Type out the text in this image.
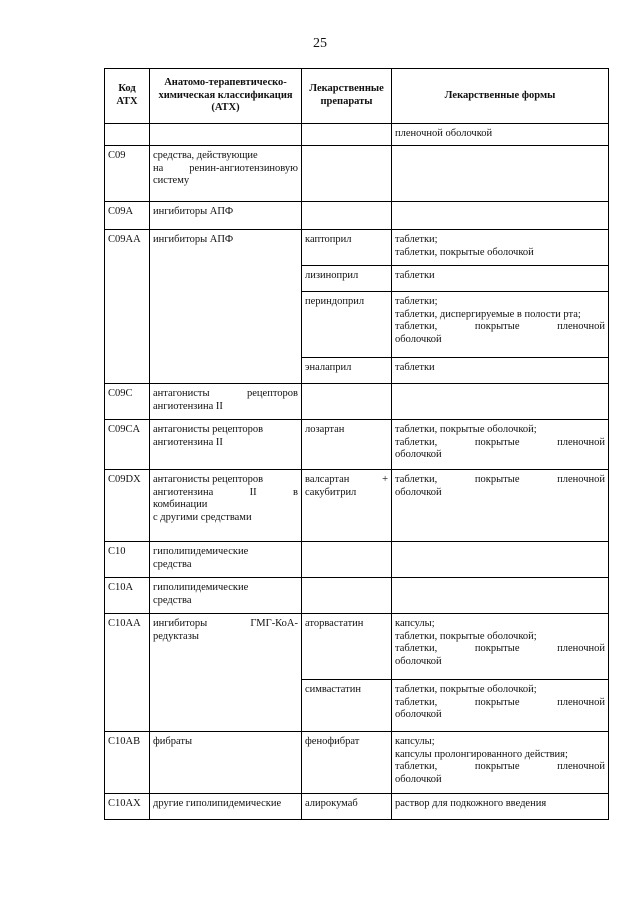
25
Код АТХ	Анатомо-терапевтическо-химическая классификация (АТХ)	Лекарственные препараты	Лекарственные формы

			пленочной оболочкой

C09	средства, действующие
на ренин-ангиотензиновую
систему		

C09A	ингибиторы АПФ		

C09AA	ингибиторы АПФ	каптоприл	таблетки;
таблетки, покрытые оболочкой

		лизиноприл	таблетки

		периндоприл	таблетки;
таблетки, диспергируемые в полости рта;
таблетки, покрытые пленочной
оболочкой

		эналаприл	таблетки

C09C	антагонисты рецепторов
ангиотензина II		

C09CA	антагонисты рецепторов
ангиотензина II	лозартан	таблетки, покрытые оболочкой;
таблетки, покрытые пленочной
оболочкой

C09DX	антагонисты рецепторов
ангиотензина II в
комбинации
с другими средствами	валсартан +
сакубитрил	таблетки, покрытые пленочной
оболочкой

C10	гиполипидемические
средства		

C10A	гиполипидемические
средства		

C10AA	ингибиторы ГМГ-КоА-
редуктазы	аторвастатин	капсулы;
таблетки, покрытые оболочкой;
таблетки, покрытые пленочной
оболочкой

		симвастатин	таблетки, покрытые оболочкой;
таблетки, покрытые пленочной
оболочкой

C10AB	фибраты	фенофибрат	капсулы;
капсулы пролонгированного действия;
таблетки, покрытые пленочной
оболочкой

C10AX	другие гиполипидемические	алирокумаб	раствор для подкожного введения
